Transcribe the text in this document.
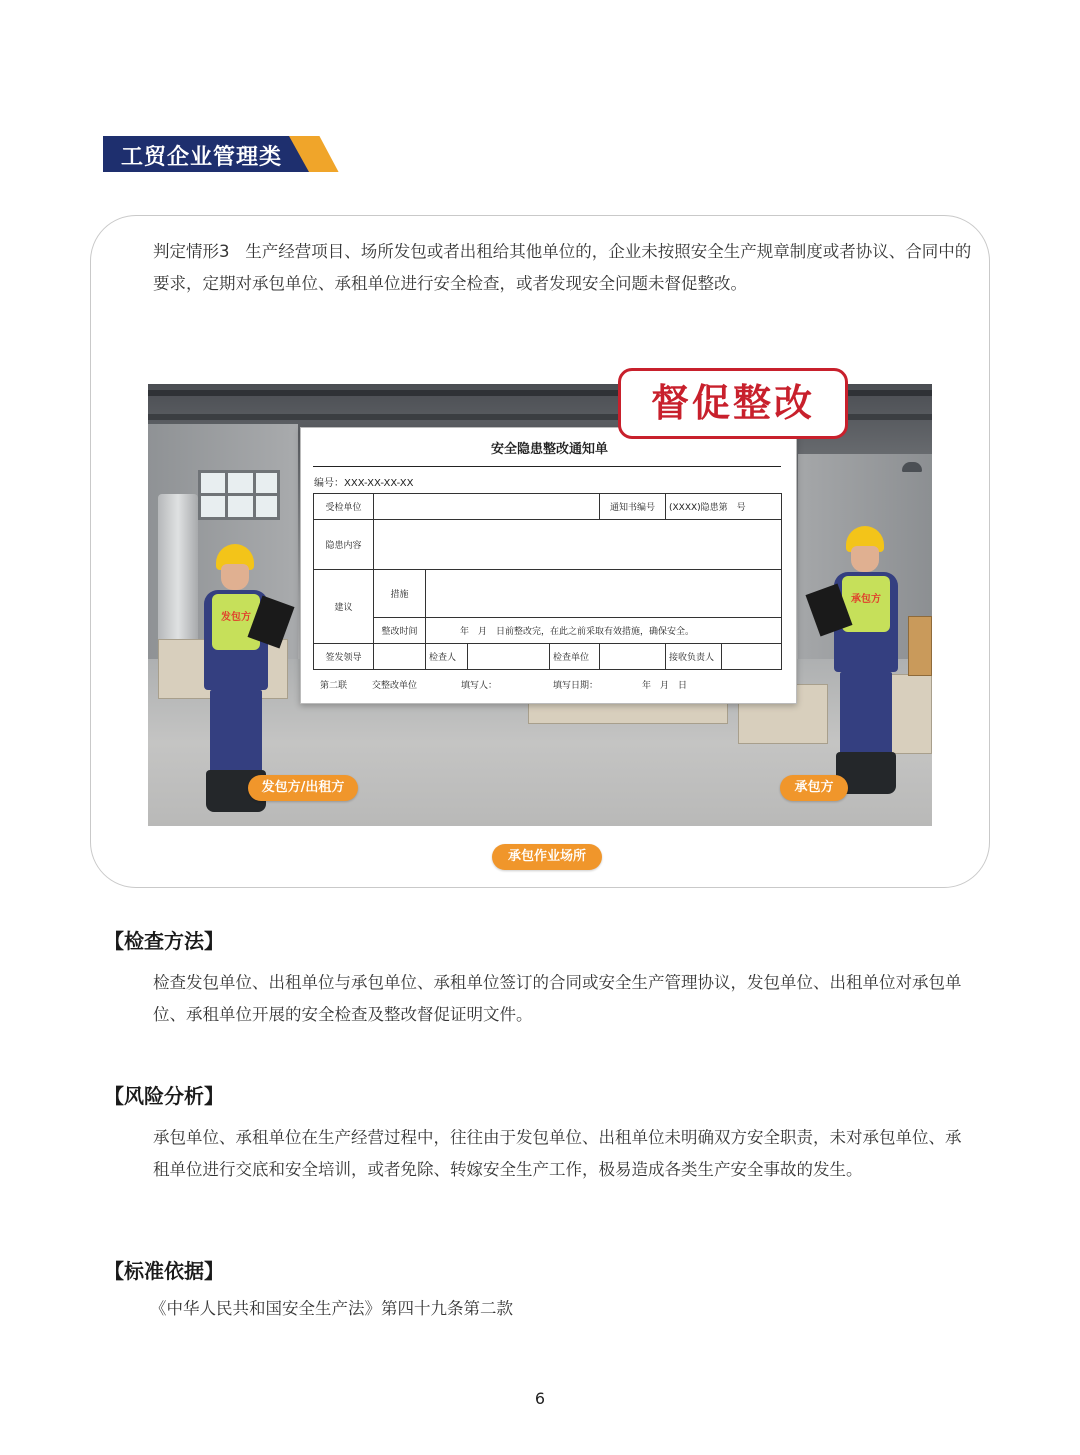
工贸企业管理类
判定情形3 生产经营项目、场所发包或者出租给其他单位的，企业未按照安全生产规章制度或者协议、合同中的要求，定期对承包单位、承租单位进行安全检查，或者发现安全问题未督促整改。
发包方
承包方
发包方/出租方	承包方
承包作业场所
安全隐患整改通知单
编号：XXX-XX-XX-XX
受检单位					通知书编号	(XXXX)隐患第　号	
隐患内容							
建议	措施						
	整改时间	年　月　日前整改完，在此之前采取有效措施，确保安全。					
签发领导		检查人		检查单位		接收负责人	
第二联	交整改单位	填写人：	填写日期：	年　月　日
督促整改
【检查方法】
检查发包单位、出租单位与承包单位、承租单位签订的合同或安全生产管理协议，发包单位、出租单位对承包单位、承租单位开展的安全检查及整改督促证明文件。
【风险分析】
承包单位、承租单位在生产经营过程中，往往由于发包单位、出租单位未明确双方安全职责，未对承包单位、承租单位进行交底和安全培训，或者免除、转嫁安全生产工作，极易造成各类生产安全事故的发生。
【标准依据】
《中华人民共和国安全生产法》第四十九条第二款
6
